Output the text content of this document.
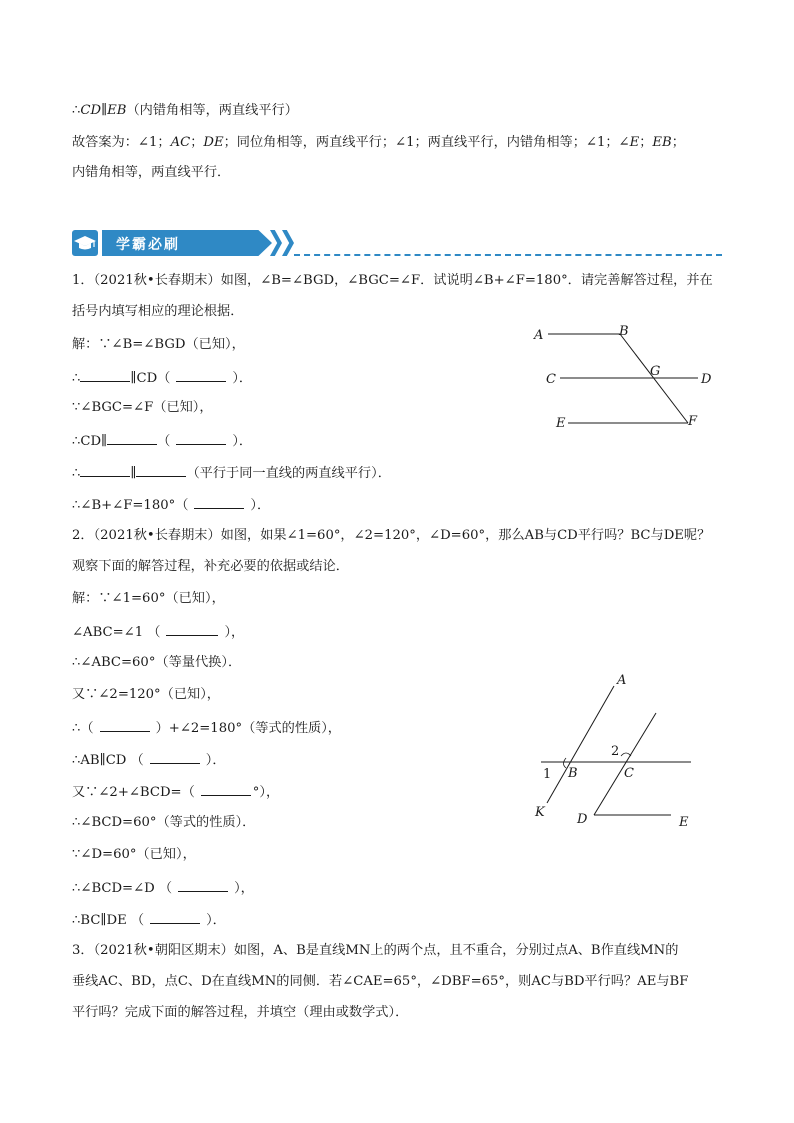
∴CD∥EB（内错角相等，两直线平行）
故答案为：∠1；AC；DE；同位角相等，两直线平行；∠1；两直线平行，内错角相等；∠1；∠E；EB；
内错角相等，两直线平行．
学霸必刷
1．（2021秋•长春期末）如图，∠B=∠BGD，∠BGC=∠F．试说明∠B+∠F=180°．请完善解答过程，并在
括号内填写相应的理论根据．
解：∵∠B=∠BGD（已知），
∴	∥CD（	）．
∵∠BGC=∠F（已知），
∴CD∥	（	）．
∴	∥	（平行于同一直线的两直线平行）．
∴∠B+∠F=180°（	）．
A	B
C
G
D
E	F
2．（2021秋•长春期末）如图，如果∠1=60°，∠2=120°，∠D=60°，那么AB与CD平行吗？BC与DE呢？
观察下面的解答过程，补充必要的依据或结论．
解：∵∠1=60°（已知），
∠ABC=∠1 （	），
∴∠ABC=60°（等量代换）．
又∵∠2=120°（已知），
∴（	）+∠2=180°（等式的性质），
∴AB∥CD （	）．
又∵∠2+∠BCD=（	°），
∴∠BCD=60°（等式的性质）．
∵∠D=60°（已知），
∴∠BCD=∠D （	），
∴BC∥DE （	）．
A
2
1 B	C
K D	E
3．（2021秋•朝阳区期末）如图，A、B是直线MN上的两个点，且不重合，分别过点A、B作直线MN的
垂线AC、BD，点C、D在直线MN的同侧．若∠CAE=65°，∠DBF=65°，则AC与BD平行吗？AE与BF
平行吗？完成下面的解答过程，并填空（理由或数学式）．
